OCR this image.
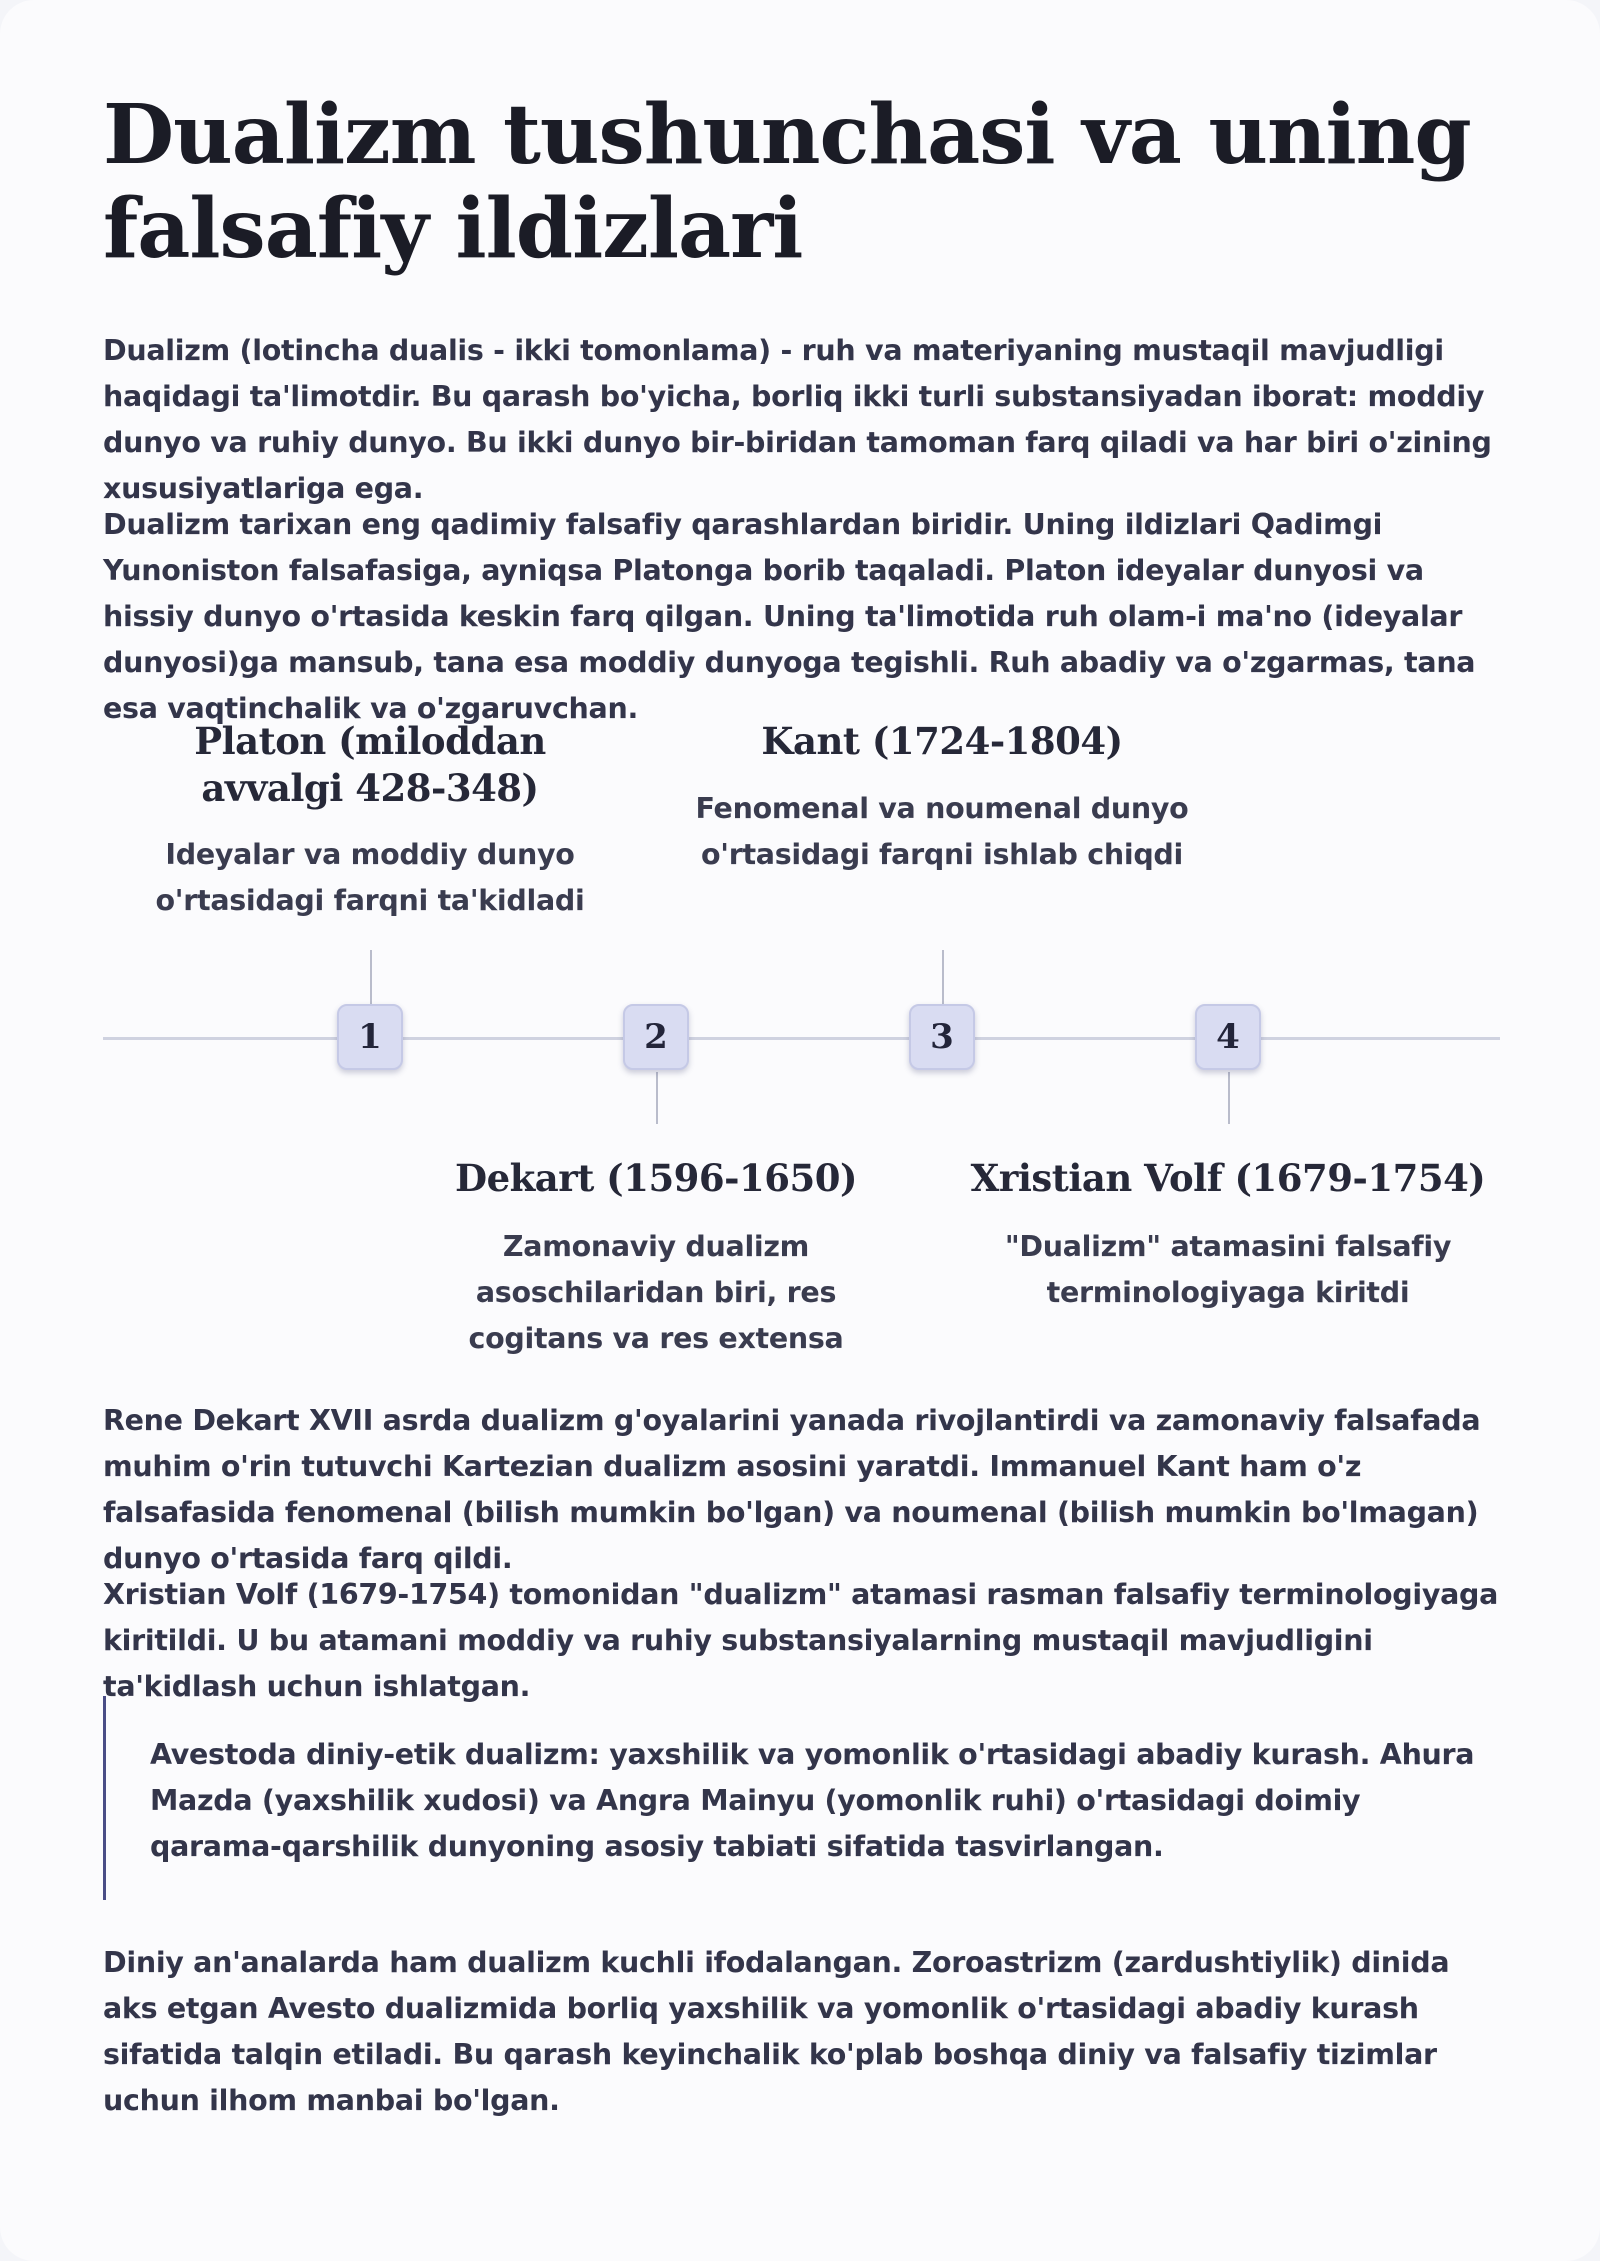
Dualizm tushunchasi va uning falsafiy ildizlari

Dualizm (lotincha dualis - ikki tomonlama) - ruh va materiyaning mustaqil mavjudligi haqidagi ta'limotdir. Bu qarash bo'yicha, borliq ikki turli substansiyadan iborat: moddiy dunyo va ruhiy dunyo. Bu ikki dunyo bir-biridan tamoman farq qiladi va har biri o'zining xususiyatlariga ega.

Dualizm tarixan eng qadimiy falsafiy qarashlardan biridir. Uning ildizlari Qadimgi Yunoniston falsafasiga, ayniqsa Platonga borib taqaladi. Platon ideyalar dunyosi va hissiy dunyo o'rtasida keskin farq qilgan. Uning ta'limotida ruh olam-i ma'no (ideyalar dunyosi)ga mansub, tana esa moddiy dunyoga tegishli. Ruh abadiy va o'zgarmas, tana esa vaqtinchalik va o'zgaruvchan.

Platon (miloddan avvalgi 428-348)
Ideyalar va moddiy dunyo o'rtasidagi farqni ta'kidladi
1	2
Dekart (1596-1650)
Zamonaviy dualizm asoschilaridan biri, res cogitans va res extensa
Kant (1724-1804)
Fenomenal va noumenal dunyo o'rtasidagi farqni ishlab chiqdi
3	4
Xristian Volf (1679-1754)
"Dualizm" atamasini falsafiy terminologiyaga kiritdi

Rene Dekart XVII asrda dualizm g'oyalarini yanada rivojlantirdi va zamonaviy falsafada muhim o'rin tutuvchi Kartezian dualizm asosini yaratdi. Immanuel Kant ham o'z falsafasida fenomenal (bilish mumkin bo'lgan) va noumenal (bilish mumkin bo'lmagan) dunyo o'rtasida farq qildi.

Xristian Volf (1679-1754) tomonidan "dualizm" atamasi rasman falsafiy terminologiyaga kiritildi. U bu atamani moddiy va ruhiy substansiyalarning mustaqil mavjudligini ta'kidlash uchun ishlatgan.

Avestoda diniy-etik dualizm: yaxshilik va yomonlik o'rtasidagi abadiy kurash. Ahura Mazda (yaxshilik xudosi) va Angra Mainyu (yomonlik ruhi) o'rtasidagi doimiy qarama-qarshilik dunyoning asosiy tabiati sifatida tasvirlangan.

Diniy an'analarda ham dualizm kuchli ifodalangan. Zoroastrizm (zardushtiylik) dinida aks etgan Avesto dualizmida borliq yaxshilik va yomonlik o'rtasidagi abadiy kurash sifatida talqin etiladi. Bu qarash keyinchalik ko'plab boshqa diniy va falsafiy tizimlar uchun ilhom manbai bo'lgan.
